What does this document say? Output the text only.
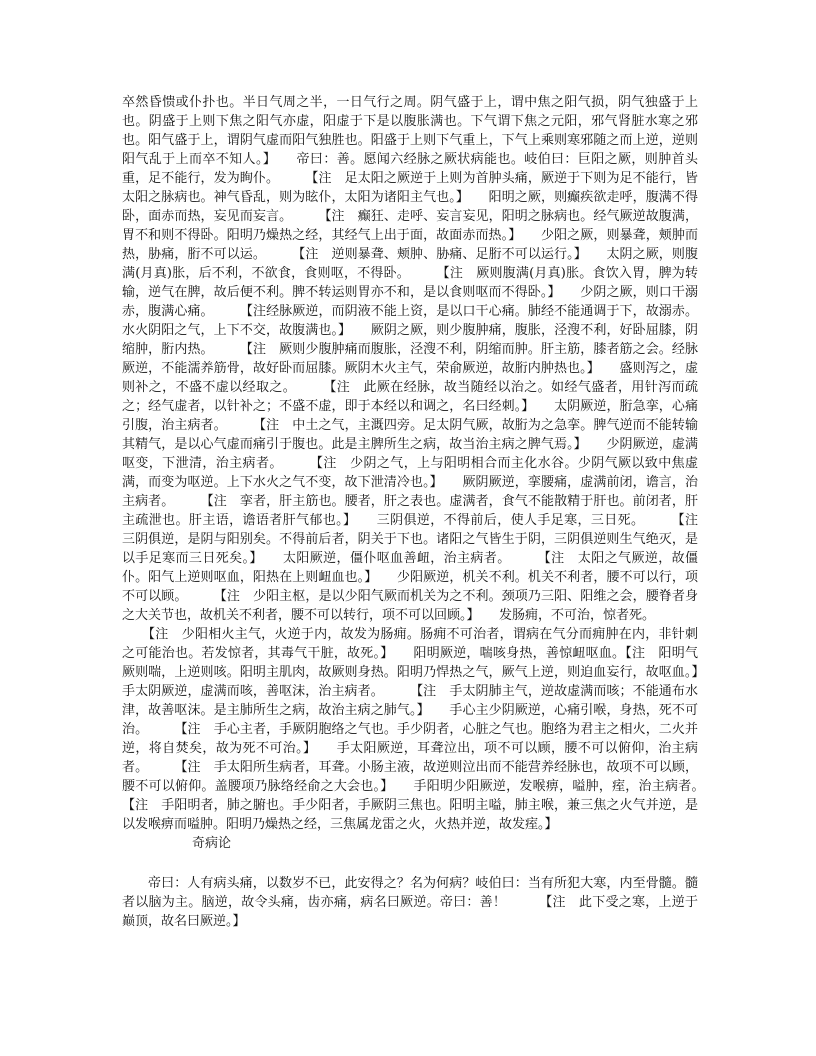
卒然昏愦或仆扑也。半日气周之半，一日气行之周。阴气盛于上，谓中焦之阳气损，阴气独盛于上也。阴盛于上则下焦之阳气亦虚，阳虚于下是以腹胀满也。下气谓下焦之元阳，邪气肾脏水寒之邪也。阳气盛于上，谓阴气虚而阳气独胜也。阳盛于上则下气重上，下气上乘则寒邪随之而上逆，逆则阳气乱于上而卒不知人。】　　帝曰：善。愿闻六经脉之厥状病能也。岐伯曰：巨阳之厥，则肿首头重，足不能行，发为眴仆。　　　【注　足太阳之厥逆于上则为首肿头痛，厥逆于下则为足不能行，皆太阳之脉病也。神气昏乱，则为眩仆，太阳为诸阳主气也。】　　阳明之厥，则癫疾欲走呼，腹满不得卧，面赤而热，妄见而妄言。　　　【注　癫狂、走呼、妄言妄见，阳明之脉病也。经气厥逆故腹满，胃不和则不得卧。阳明乃燥热之经，其经气上出于面，故面赤而热。】　　少阳之厥，则暴聋，颊肿而热，胁痛，胻不可以运。　　　【注　逆则暴聋、颊肿、胁痛、足胻不可以运行。】　　太阴之厥，则腹满(月真)胀，后不利，不欲食，食则呕，不得卧。　　　【注　厥则腹满(月真)胀。食饮入胃，脾为转输，逆气在脾，故后便不利。脾不转运则胃亦不和，是以食则呕而不得卧。】　　少阴之厥，则口干溺赤，腹满心痛。　　　【注经脉厥逆，而阴液不能上资，是以口干心痛。肺经不能通调于下，故溺赤。水火阴阳之气，上下不交，故腹满也。】　　厥阴之厥，则少腹肿痛，腹胀，泾溲不利，好卧屈膝，阴缩肿，胻内热。　　　【注　厥则少腹肿痛而腹胀，泾溲不利，阴缩而肿。肝主筋，膝者筋之会。经脉厥逆，不能濡养筋骨，故好卧而屈膝。厥阴木火主气，荣俞厥逆，故胻内肿热也。】　　盛则泻之，虚则补之，不盛不虚以经取之。　　　【注　此厥在经脉，故当随经以治之。如经气盛者，用针泻而疏之；经气虚者，以针补之；不盛不虚，即于本经以和调之，名曰经刺。】　　太阴厥逆，胻急挛，心痛引腹，治主病者。　　　【注　中土之气，主溉四旁。足太阴气厥，故胻为之急挛。脾气逆而不能转输其精气，是以心气虚而痛引于腹也。此是主脾所生之病，故当治主病之脾气焉。】　　少阴厥逆，虚满呕变，下泄清，治主病者。　　　【注　少阴之气，上与阳明相合而主化水谷。少阴气厥以致中焦虚满，而变为呕逆。上下水火之气不变，故下泄清冷也。】　　厥阴厥逆，挛腰痛，虚满前闭，谵言，治主病者。　　　【注　挛者，肝主筋也。腰者，肝之表也。虚满者，食气不能散精于肝也。前闭者，肝主疏泄也。肝主语，谵语者肝气郁也。】　　三阴俱逆，不得前后，使人手足寒，三日死。　　　【注　三阴俱逆，是阴与阳别矣。不得前后者，阴关于下也。诸阳之气皆生于阴，三阴俱逆则生气绝灭，是以手足寒而三日死矣。】　　太阳厥逆，僵仆呕血善衄，治主病者。　　　【注　太阳之气厥逆，故僵仆。阳气上逆则呕血，阳热在上则衄血也。】　　少阳厥逆，机关不利。机关不利者，腰不可以行，项不可以顾。　　　【注　少阳主枢，是以少阳气厥而机关为之不利。颈项乃三阳、阳维之会，腰脊者身之大关节也，故机关不利者，腰不可以转行，项不可以回顾。】　　发肠痈，不可治，惊者死。

　　【注　少阳相火主气，火逆于内，故发为肠痈。肠痈不可治者，谓病在气分而痈肿在内，非针刺之可能治也。若发惊者，其毒气干脏，故死。】　　阳明厥逆，喘咳身热，善惊衄呕血。【注　阳明气厥则喘，上逆则咳。阳明主肌肉，故厥则身热。阳明乃悍热之气，厥气上逆，则迫血妄行，故呕血。】　　手太阴厥逆，虚满而咳，善呕沫，治主病者。　　　【注　手太阴肺主气，逆故虚满而咳；不能通布水津，故善呕沫。是主肺所生之病，故治主病之肺气。】　　手心主少阴厥逆，心痛引喉，身热，死不可治。　　　【注　手心主者，手厥阴胞络之气也。手少阴者，心脏之气也。胞络为君主之相火，二火并逆，将自焚矣，故为死不可治。】　　手太阳厥逆，耳聋泣出，项不可以顾，腰不可以俯仰，治主病者。　　　【注　手太阳所生病者，耳聋。小肠主液，故逆则泣出而不能营养经脉也，故项不可以顾，腰不可以俯仰。盖腰项乃脉络经俞之大会也。】　　手阳明少阳厥逆，发喉痹，嗌肿，痓，治主病者。　　　【注　手阳明者，肺之腑也。手少阳者，手厥阴三焦也。阳明主嗌，肺主喉，兼三焦之火气并逆，是以发喉痹而嗌肿。阳明乃燥热之经，三焦属龙雷之火，火热并逆，故发痓。】

奇病论

帝曰：人有病头痛，以数岁不已，此安得之？名为何病？岐伯曰：当有所犯大寒，内至骨髓。髓者以脑为主。脑逆，故令头痛，齿亦痛，病名曰厥逆。帝曰：善！　　　【注　此下受之寒，上逆于巅顶，故名曰厥逆。】
